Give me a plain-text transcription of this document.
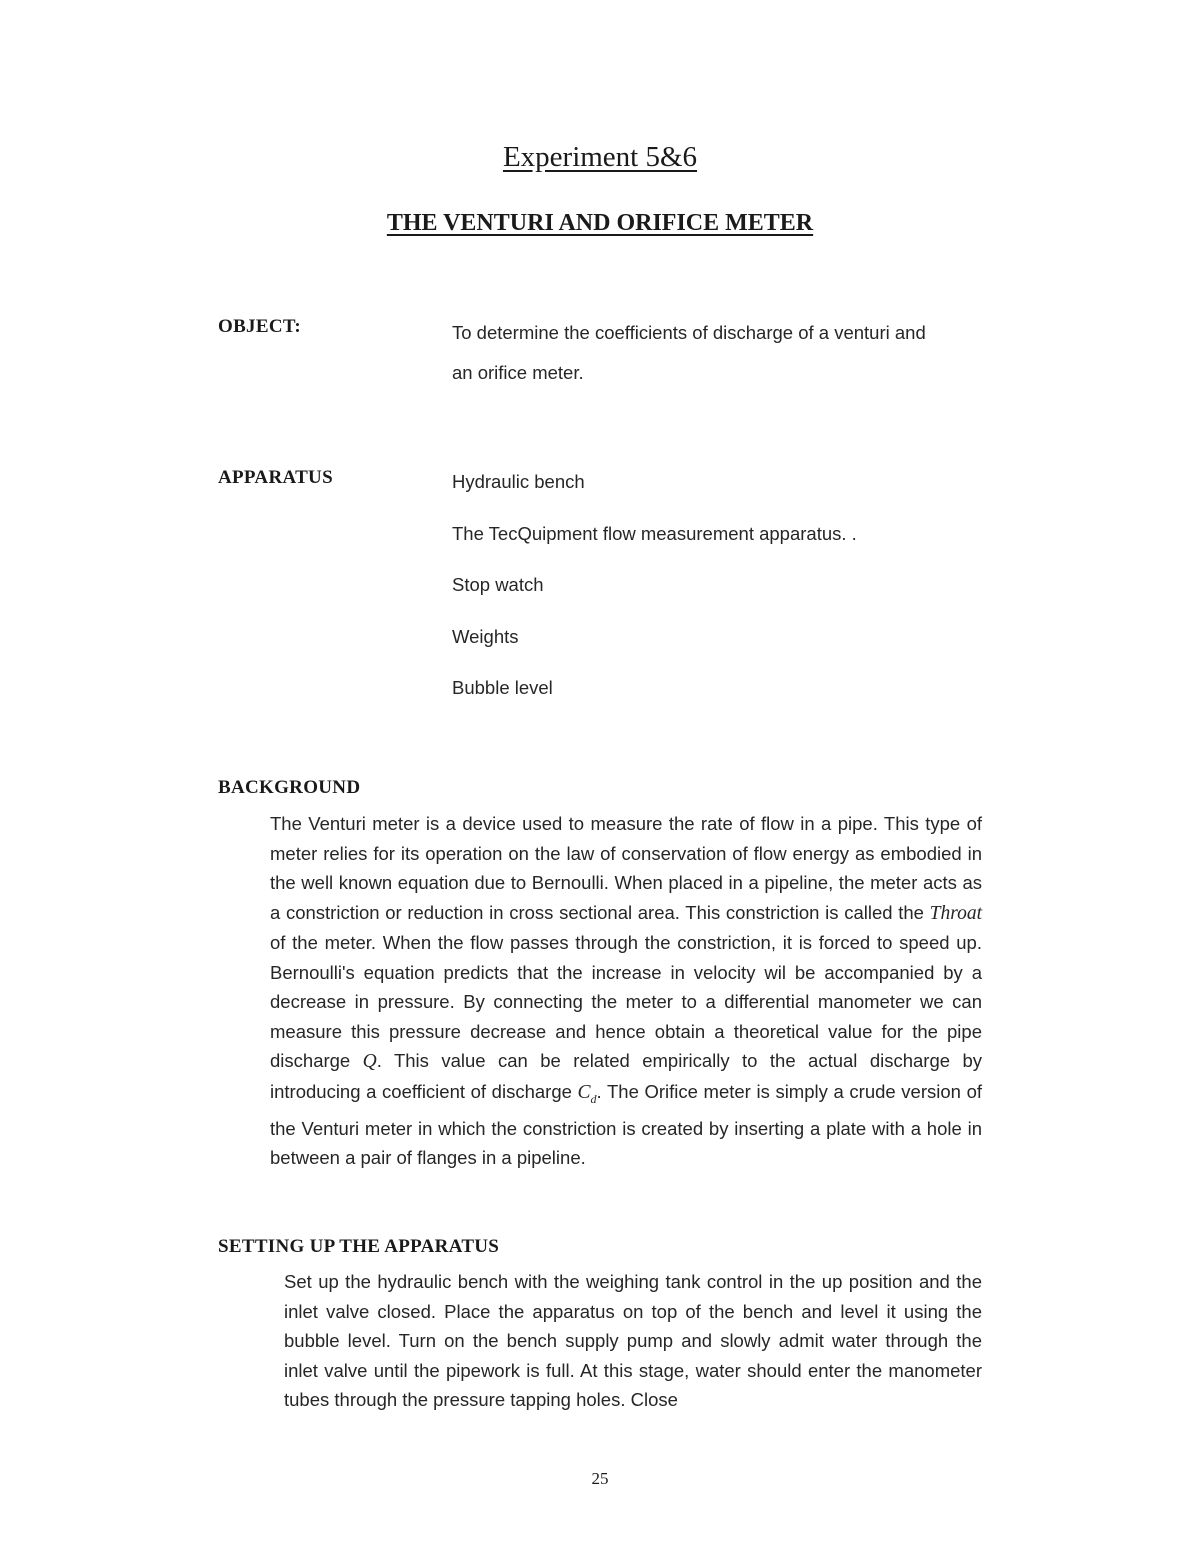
Experiment 5&6
THE VENTURI AND ORIFICE METER
OBJECT:	To determine the coefficients of discharge of a venturi and
an orifice meter.
APPARATUS	Hydraulic bench
The TecQuipment flow measurement apparatus. .
Stop watch
Weights
Bubble level
BACKGROUND
The Venturi meter is a device used to measure the rate of flow in a pipe. This type of meter relies for its operation on the law of conservation of flow energy as embodied in the well known equation due to Bernoulli. When placed in a pipeline, the meter acts as a constriction or reduction in cross sectional area. This constriction is called the Throat of the meter. When the flow passes through the constriction, it is forced to speed up. Bernoulli's equation predicts that the increase in velocity wil be accompanied by a decrease in pressure. By connecting the meter to a differential manometer we can measure this pressure decrease and hence obtain a theoretical value for the pipe discharge Q. This value can be related empirically to the actual discharge by introducing a coefficient of discharge $C_d$. The Orifice meter is simply a crude version of the Venturi meter in which the constriction is created by inserting a plate with a hole in between a pair of flanges in a pipeline.
SETTING UP THE APPARATUS
Set up the hydraulic bench with the weighing tank control in the up position and the inlet valve closed. Place the apparatus on top of the bench and level it using the bubble level. Turn on the bench supply pump and slowly admit water through the inlet valve until the pipework is full. At this stage, water should enter the manometer tubes through the pressure tapping holes. Close
25
